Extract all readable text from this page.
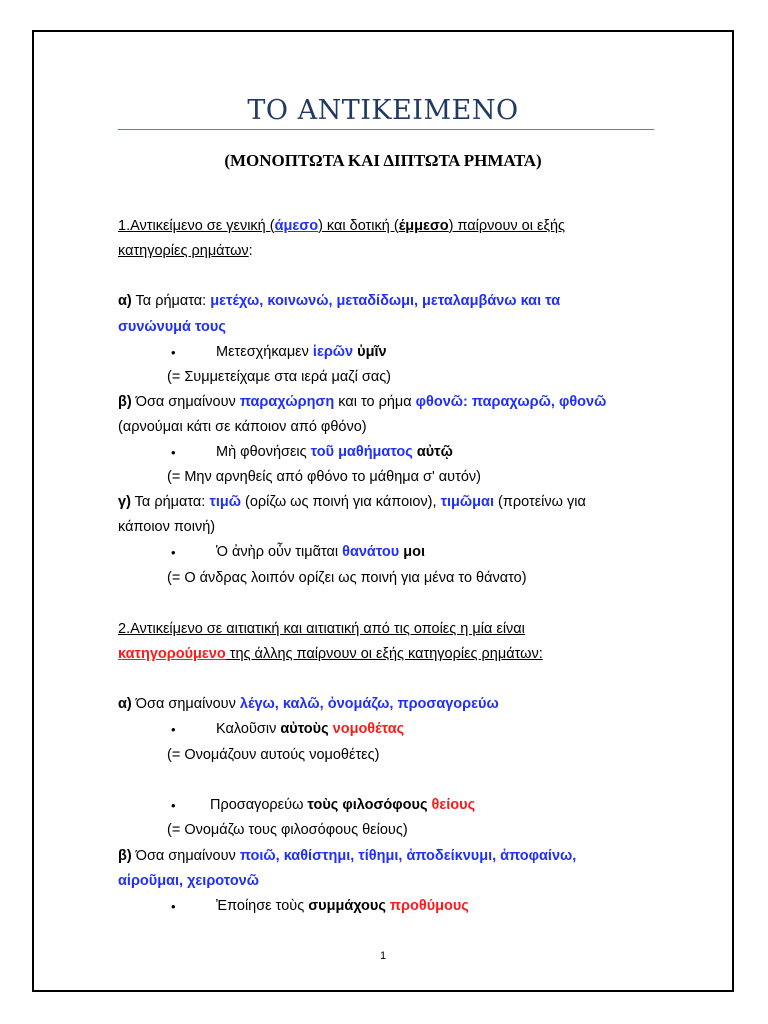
ΤΟ ΑΝΤΙΚΕΙΜΕΝΟ
(ΜΟΝΟΠΤΩΤΑ ΚΑΙ ΔΙΠΤΩΤΑ ΡΗΜΑΤΑ)
1.Αντικείμενο σε γενική (άμεσο) και δοτική (έμμεσο) παίρνουν οι εξής
κατηγορίες ρημάτων:
α) Τα ρήματα: μετέχω, κοινωνώ, μεταδίδωμι, μεταλαμβάνω και τα
συνώνυμά τους
•	Μετεσχήκαμεν ἱερῶν ὑμῖν
(= Συμμετείχαμε στα ιερά μαζί σας)
β) Όσα σημαίνουν παραχώρηση και το ρήμα φθονῶ: παραχωρῶ, φθονῶ
(αρνούμαι κάτι σε κάποιον από φθόνο)
•	Μὴ φθονήσεις τοῦ μαθήματος αὐτῷ
(= Μην αρνηθείς από φθόνο το μάθημα σ' αυτόν)
γ) Τα ρήματα: τιμῶ (ορίζω ως ποινή για κάποιον), τιμῶμαι (προτείνω για
κάποιον ποινή)
•	Ὁ ἀνὴρ οὖν τιμᾶται θανάτου μοι
(= Ο άνδρας λοιπόν ορίζει ως ποινή για μένα το θάνατο)
2.Αντικείμενο σε αιτιατική και αιτιατική από τις οποίες η μία είναι
κατηγορούμενο της άλλης παίρνουν οι εξής κατηγορίες ρημάτων:
α) Όσα σημαίνουν λέγω, καλῶ, ὀνομάζω, προσαγορεύω
•	Καλοῦσιν αὐτοὺς νομοθέτας
(= Ονομάζουν αυτούς νομοθέτες)
• Προσαγορεύω τοὺς φιλοσόφους θείους
(= Ονομάζω τους φιλοσόφους θείους)
β) Όσα σημαίνουν ποιῶ, καθίστημι, τίθημι, ἀποδείκνυμι, ἀποφαίνω,
αἱροῦμαι, χειροτονῶ
•	Ἐποίησε τοὺς συμμάχους προθύμους
1
